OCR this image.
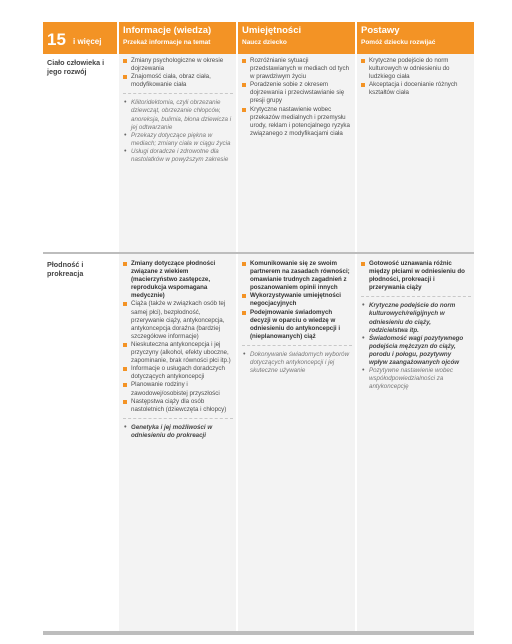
15 i więcej
Informacje (wiedza)
Przekaż informacje na temat
Umiejętności
Naucz dziecko
Postawy
Pomóż dziecku rozwijać
Ciało człowieka i jego rozwój
Zmiany psychologiczne w okresie dojrzewania
Znajomość ciała, obraz ciała, modyfikowanie ciała
• Kliitoridektomia, czyli obrzezanie dziewcząt, obrzezanie chłopców, anoreksja, bulimia, błona dziewicza i jej odtwarzanie
• Przekazy dotyczące piękna w mediach; zmiany ciała w ciągu życia
• Usługi doradcze i zdrowotne dla nastolatków w powyższym zakresie
Rozróżnianie sytuacji przedstawianych w mediach od tych w prawdziwym życiu
Poradzenie sobie z okresem dojrzewania i przeciwstawianie się presji grupy
Krytyczne nastawienie wobec przekazów medialnych i przemysłu urody, reklam i potencjalnego ryzyka związanego z modyfikacjami ciała
Krytyczne podejście do norm kulturowych w odniesieniu do ludzkiego ciała
Akceptacja i docenianie różnych kształtów ciała
Płodność i prokreacja
Zmiany dotyczące płodności związane z wiekiem (macierzyństwo zastępcze, reprodukcja wspomagana medycznie)
Ciąża (także w związkach osób tej samej płci), bezpłodność, przerywanie ciąży, antykoncepcja, antykoncepcja doraźna (bardziej szczegółowe informacje)
Nieskuteczna antykoncepcja i jej przyczyny (alkohol, efekty uboczne, zapominanie, brak równości płci itp.)
Informacje o usługach doradczych dotyczących antykoncepcji
Planowanie rodziny i zawodowej/osobistej przyszłości
Następstwa ciąży dla osób nastoletnich (dziewczęta i chłopcy)
• Genetyka i jej możliwości w odniesieniu do prokreacji
Komunikowanie się ze swoim partnerem na zasadach równości; omawianie trudnych zagadnień z poszanowaniem opinii innych
Wykorzystywanie umiejętności negocjacyjnych
Podejmowanie świadomych decyzji w oparciu o wiedzę w odniesieniu do antykoncepcji i (nieplanowanych) ciąż
• Dokonywanie świadomych wyborów dotyczących antykoncepcji i jej skuteczne używanie
Gotowość uznawania różnic między płciami w odniesieniu do płodności, prokreacji i przerywania ciąży
• Krytyczne podejście do norm kulturowych/religijnych w odniesieniu do ciąży, rodzicielstwa itp.
• Świadomość wagi pozytywnego podejścia mężczyzn do ciąży, porodu i połogu, pozytywny wpływ zaangażowanych ojców
• Pozytywne nastawienie wobec współodpowiedzialności za antykoncepcję
